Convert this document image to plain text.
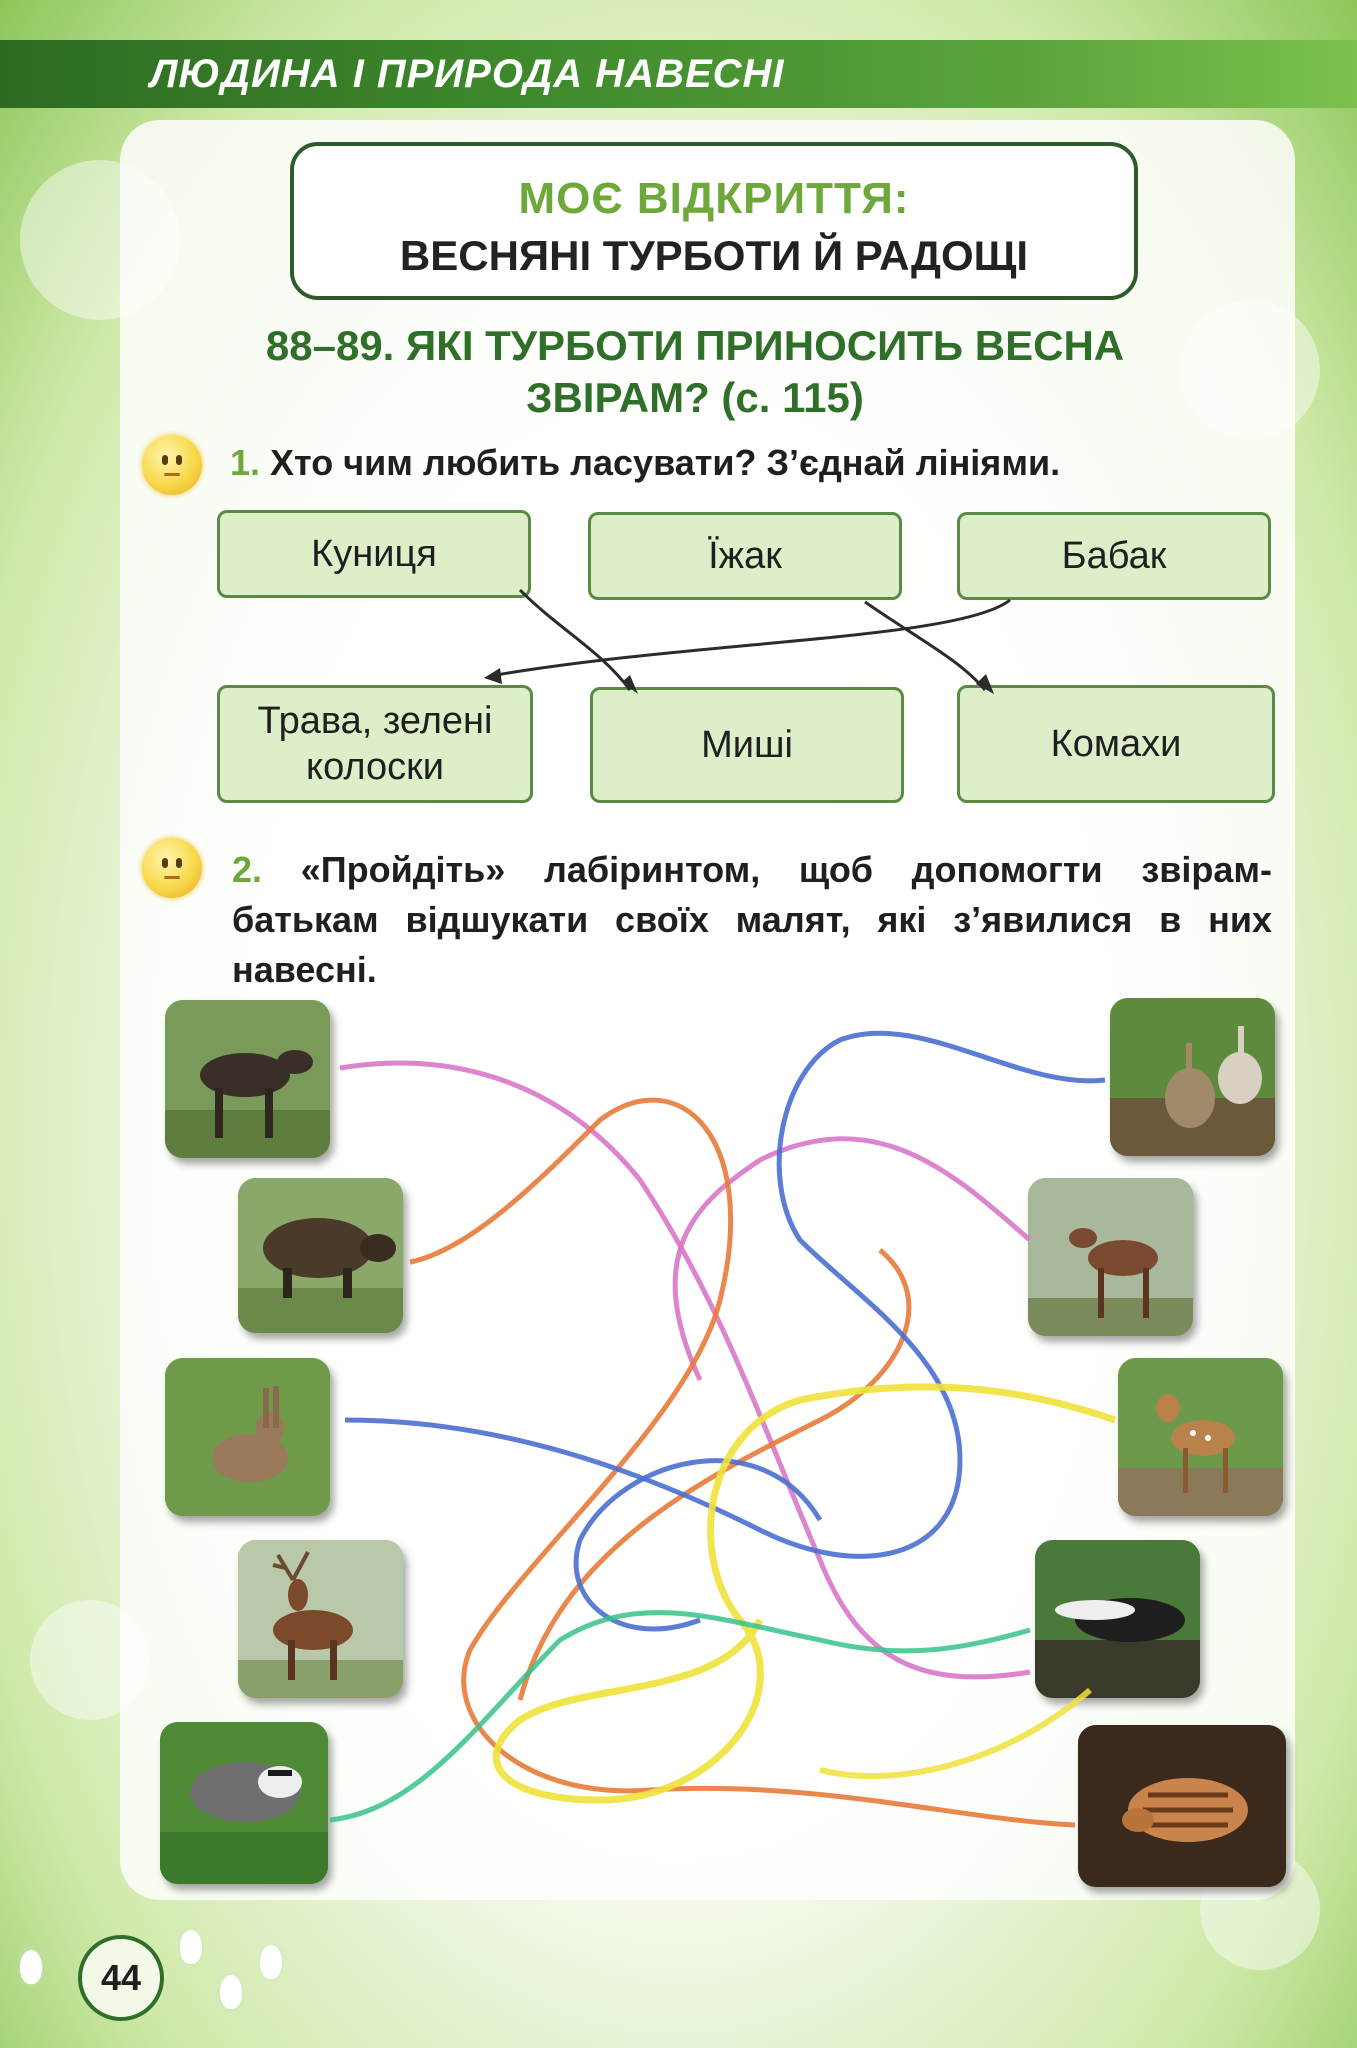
ЛЮДИНА І ПРИРОДА НАВЕСНІ
МОЄ ВІДКРИТТЯ:
ВЕСНЯНІ ТУРБОТИ Й РАДОЩІ
88–89. ЯКІ ТУРБОТИ ПРИНОСИТЬ ВЕСНА
ЗВІРАМ? (с. 115)
1. Хто чим любить ласувати? З’єднай лініями.
Куниця	Їжак	Бабак
Трава, зелені колоски
Миші	Комахи
2. «Пройдіть» лабіринтом, щоб допомогти звірам-батькам відшукати своїх малят, які з’явилися в них навесні.
44
